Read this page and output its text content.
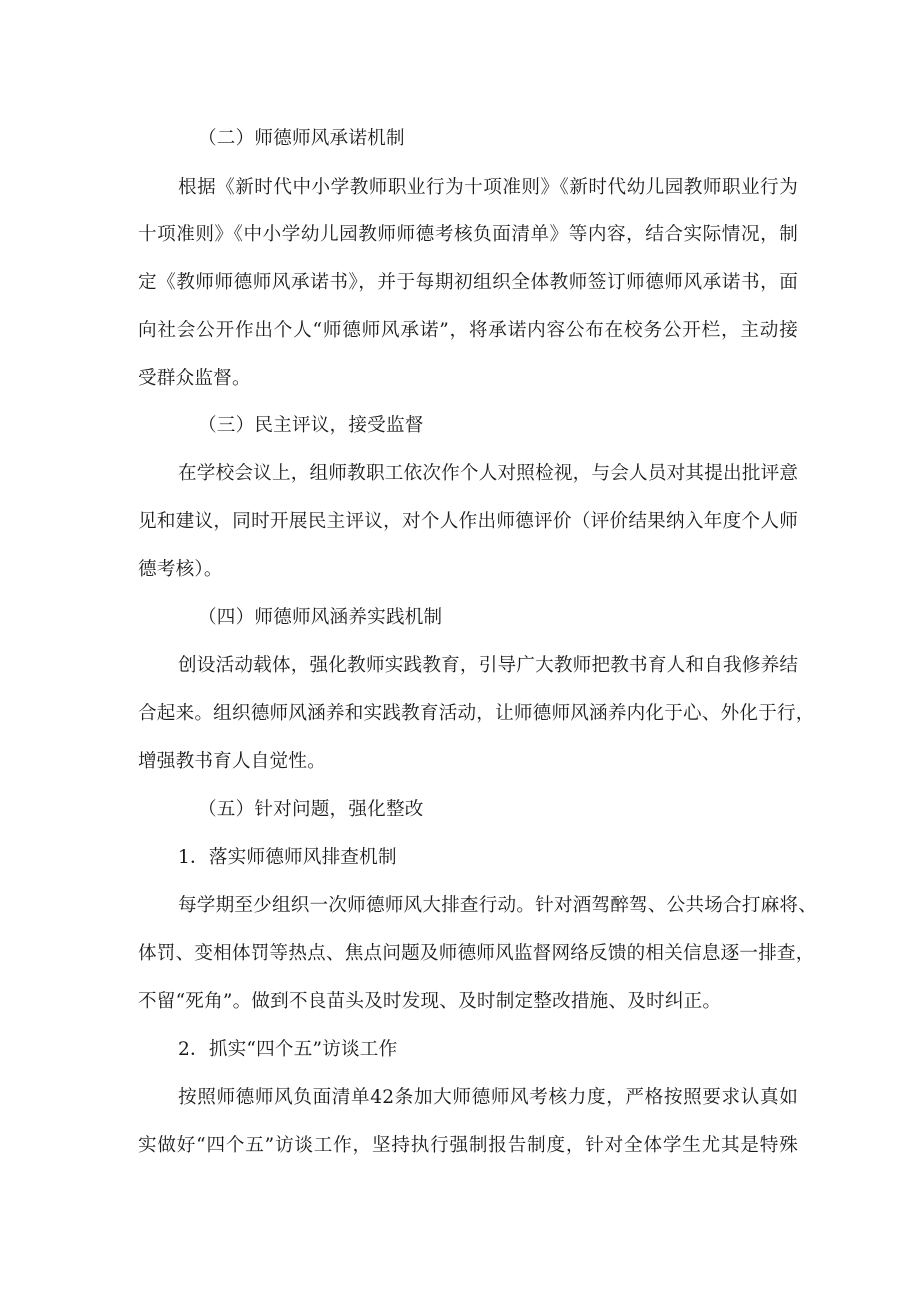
（二）师德师风承诺机制
根据《新时代中小学教师职业行为十项准则》《新时代幼儿园教师职业行为
十项准则》《中小学幼儿园教师师德考核负面清单》等内容，结合实际情况，制
定《教师师德师风承诺书》，并于每期初组织全体教师签订师德师风承诺书，面
向社会公开作出个人“师德师风承诺”，将承诺内容公布在校务公开栏，主动接
受群众监督。
（三）民主评议，接受监督
在学校会议上，组师教职工依次作个人对照检视，与会人员对其提出批评意
见和建议，同时开展民主评议，对个人作出师德评价（评价结果纳入年度个人师
德考核）。
（四）师德师风涵养实践机制
创设活动载体，强化教师实践教育，引导广大教师把教书育人和自我修养结
合起来。组织德师风涵养和实践教育活动，让师德师风涵养内化于心、外化于行，
增强教书育人自觉性。
（五）针对问题，强化整改
1．落实师德师风排查机制
每学期至少组织一次师德师风大排查行动。针对酒驾醉驾、公共场合打麻将、
体罚、变相体罚等热点、焦点问题及师德师风监督网络反馈的相关信息逐一排查，
不留“死角”。做到不良苗头及时发现、及时制定整改措施、及时纠正。
2．抓实“四个五”访谈工作
按照师德师风负面清单42条加大师德师风考核力度，严格按照要求认真如
实做好“四个五”访谈工作，坚持执行强制报告制度，针对全体学生尤其是特殊
